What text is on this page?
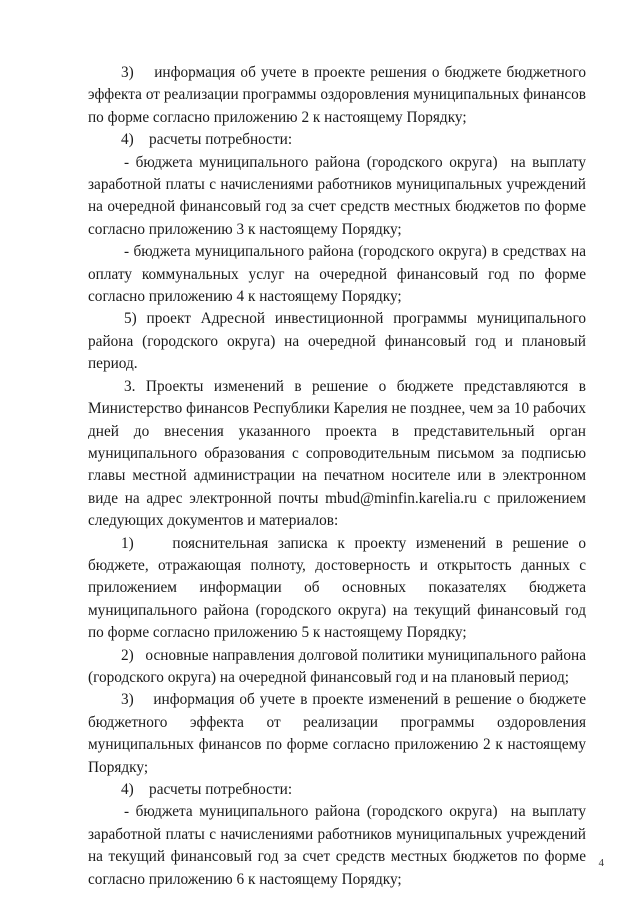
3)    информация об учете в проекте решения о бюджете бюджетного эффекта от реализации программы оздоровления муниципальных финансов по форме согласно приложению 2 к настоящему Порядку;

4)    расчеты потребности:

- бюджета муниципального района (городского округа)  на выплату заработной платы с начислениями работников муниципальных учреждений на очередной финансовый год за счет средств местных бюджетов по форме согласно приложению 3 к настоящему Порядку;

- бюджета муниципального района (городского округа) в средствах на оплату коммунальных услуг на очередной финансовый год по форме согласно приложению 4 к настоящему Порядку;

5) проект Адресной инвестиционной программы муниципального района (городского округа) на очередной финансовый год и плановый период.

3. Проекты изменений в решение о бюджете представляются в Министерство финансов Республики Карелия не позднее, чем за 10 рабочих дней до внесения указанного проекта в представительный орган муниципального образования с сопроводительным письмом за подписью главы местной администрации на печатном носителе или в электронном виде на адрес электронной почты mbud@minfin.karelia.ru с приложением следующих документов и материалов:

1)    пояснительная записка к проекту изменений в решение о бюджете, отражающая полноту, достоверность и открытость данных с приложением информации об основных показателях бюджета муниципального района (городского округа) на текущий финансовый год по форме согласно приложению 5 к настоящему Порядку;

2)   основные направления долговой политики муниципального района (городского округа) на очередной финансовый год и на плановый период;

3)    информация об учете в проекте изменений в решение о бюджете бюджетного эффекта от реализации программы оздоровления муниципальных финансов по форме согласно приложению 2 к настоящему Порядку;

4)    расчеты потребности:

- бюджета муниципального района (городского округа)  на выплату заработной платы с начислениями работников муниципальных учреждений на текущий финансовый год за счет средств местных бюджетов по форме согласно приложению 6 к настоящему Порядку;

4
